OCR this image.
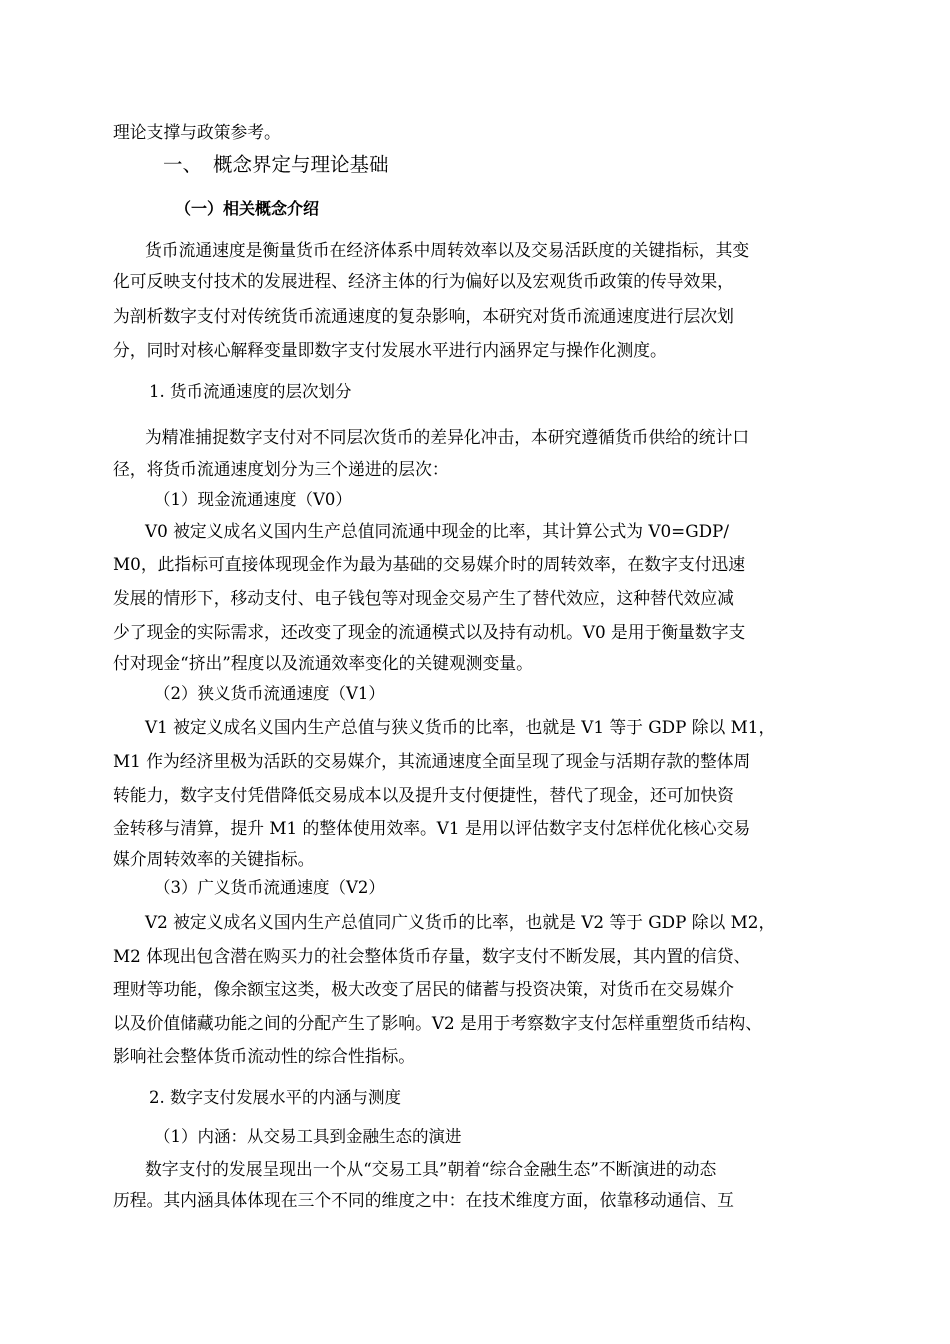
理论支撑与政策参考。
一、 概念界定与理论基础
（一）相关概念介绍
货币流通速度是衡量货币在经济体系中周转效率以及交易活跃度的关键指标，其变
化可反映支付技术的发展进程、经济主体的行为偏好以及宏观货币政策的传导效果，
为剖析数字支付对传统货币流通速度的复杂影响，本研究对货币流通速度进行层次划
分，同时对核心解释变量即数字支付发展水平进行内涵界定与操作化测度。
1. 货币流通速度的层次划分
为精准捕捉数字支付对不同层次货币的差异化冲击，本研究遵循货币供给的统计口
径，将货币流通速度划分为三个递进的层次：
（1）现金流通速度（V0）
V0 被定义成名义国内生产总值同流通中现金的比率，其计算公式为 V0=GDP/
M0，此指标可直接体现现金作为最为基础的交易媒介时的周转效率，在数字支付迅速
发展的情形下，移动支付、电子钱包等对现金交易产生了替代效应，这种替代效应减
少了现金的实际需求，还改变了现金的流通模式以及持有动机。V0 是用于衡量数字支
付对现金“挤出”程度以及流通效率变化的关键观测变量。
（2）狭义货币流通速度（V1）
V1 被定义成名义国内生产总值与狭义货币的比率，也就是 V1 等于 GDP 除以 M1，
M1 作为经济里极为活跃的交易媒介，其流通速度全面呈现了现金与活期存款的整体周
转能力，数字支付凭借降低交易成本以及提升支付便捷性，替代了现金，还可加快资
金转移与清算，提升 M1 的整体使用效率。V1 是用以评估数字支付怎样优化核心交易
媒介周转效率的关键指标。
（3）广义货币流通速度（V2）
V2 被定义成名义国内生产总值同广义货币的比率，也就是 V2 等于 GDP 除以 M2，
M2 体现出包含潜在购买力的社会整体货币存量，数字支付不断发展，其内置的信贷、
理财等功能，像余额宝这类，极大改变了居民的储蓄与投资决策，对货币在交易媒介
以及价值储藏功能之间的分配产生了影响。V2 是用于考察数字支付怎样重塑货币结构、
影响社会整体货币流动性的综合性指标。
2. 数字支付发展水平的内涵与测度
（1）内涵：从交易工具到金融生态的演进
数字支付的发展呈现出一个从“交易工具”朝着“综合金融生态”不断演进的动态
历程。其内涵具体体现在三个不同的维度之中：在技术维度方面，依靠移动通信、互
